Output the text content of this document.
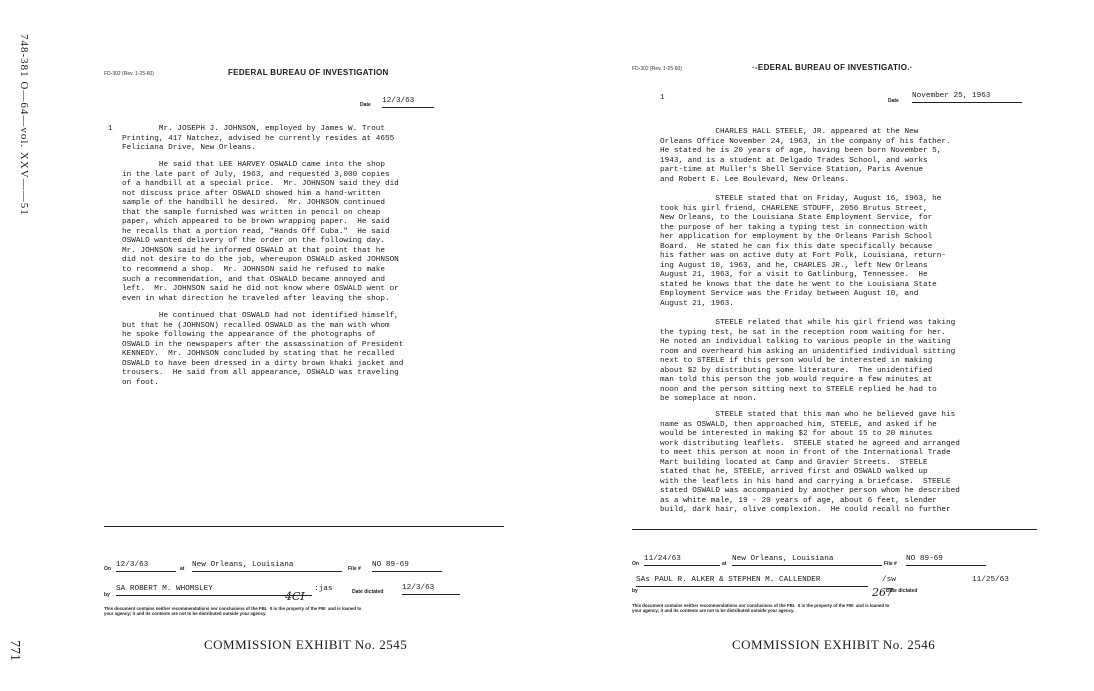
748-381 O—64—vol. XXV——51
771
FD-302 (Rev. 1-25-60)	FEDERAL BUREAU OF INVESTIGATION
Date 12/3/63
1	Mr. JOSEPH J. JOHNSON, employed by James W. Trout
Printing, 417 Natchez, advised he currently resides at 4655
Feliciana Drive, New Orleans.
He said that LEE HARVEY OSWALD came into the shop
in the late part of July, 1963, and requested 3,000 copies
of a handbill at a special price.  Mr. JOHNSON said they did
not discuss price after OSWALD showed him a hand-written
sample of the handbill he desired.  Mr. JOHNSON continued
that the sample furnished was written in pencil on cheap
paper, which appeared to be brown wrapping paper.  He said
he recalls that a portion read, "Hands Off Cuba."  He said
OSWALD wanted delivery of the order on the following day.
Mr. JOHNSON said he informed OSWALD at that point that he
did not desire to do the job, whereupon OSWALD asked JOHNSON
to recommend a shop.  Mr. JOHNSON said he refused to make
such a recommendation, and that OSWALD became annoyed and
left.  Mr. JOHNSON said he did not know where OSWALD went or
even in what direction he traveled after leaving the shop.
He continued that OSWALD had not identified himself,
but that he (JOHNSON) recalled OSWALD as the man with whom
he spoke following the appearance of the photographs of
OSWALD in the newspapers after the assassination of President
KENNEDY.  Mr. JOHNSON concluded by stating that he recalled
OSWALD to have been dressed in a dirty brown khaki jacket and
trousers.  He said from all appearance, OSWALD was traveling
on foot.
On 12/3/63	at New Orleans, Louisiana	File # NO 89-69
by
SA ROBERT M. WHOMSLEY	:jas	Date dictated 12/3/63
4CI
This document contains neither recommendations nor conclusions of the FBI.  It is the property of the FBI  and is loaned to
your agency; it and its contents are not to be distributed outside your agency.
COMMISSION EXHIBIT No. 2545
FD-302 (Rev. 1-25-60)	·-EDERAL BUREAU OF INVESTIGATIO.·
1	Date
November 25, 1963
CHARLES HALL STEELE, JR. appeared at the New
Orleans Office November 24, 1963, in the company of his father.
He stated he is 20 years of age, having been born November 5,
1943, and is a student at Delgado Trades School, and works
part-time at Muller's Shell Service Station, Paris Avenue
and Robert E. Lee Boulevard, New Orleans.
STEELE stated that on Friday, August 16, 1963, he
took his girl friend, CHARLENE STOUFF, 2056 Brutus Street,
New Orleans, to the Louisiana State Employment Service, for
the purpose of her taking a typing test in connection with
her application for employment by the Orleans Parish School
Board.  He stated he can fix this date specifically because
his father was on active duty at Fort Polk, Louisiana, return-
ing August 10, 1963, and he, CHARLES JR., left New Orleans
August 21, 1963, for a visit to Gatlinburg, Tennessee.  He
stated he knows that the date he went to the Louisiana State
Employment Service was the Friday between August 10, and
August 21, 1963.
STEELE related that while his girl friend was taking
the typing test, he sat in the reception room waiting for her.
He noted an individual talking to various people in the waiting
room and overheard him asking an unidentified individual sitting
next to STEELE if this person would be interested in making
about $2 by distributing some literature.  The unidentified
man told this person the job would require a few minutes at
noon and the person sitting next to STEELE replied he had to
be someplace at noon.
STEELE stated that this man who he believed gave his
name as OSWALD, then approached him, STEELE, and asked if he
would be interested in making $2 for about 15 to 20 minutes
work distributing leaflets.  STEELE stated he agreed and arranged
to meet this person at noon in front of the International Trade
Mart building located at Camp and Gravier Streets.  STEELE
stated that he, STEELE, arrived first and OSWALD walked up
with the leaflets in his hand and carrying a briefcase.  STEELE
stated OSWALD was accompanied by another person whom he described
as a white male, 19 - 20 years of age, about 6 feet, slender
build, dark hair, olive complexion.  He could recall no further
On
11/24/63
at
New Orleans, Louisiana
File #
NO 89-69
by
SAs PAUL R. ALKER & STEPHEN M. CALLENDER	/sw
Date dictated
11/25/63
267
This document contains neither recommendations nor conclusions of the FBI.  It is the property of the FBI  and is loaned to
your agency; it and its contents are not to be distributed outside your agency.
COMMISSION EXHIBIT No. 2546
